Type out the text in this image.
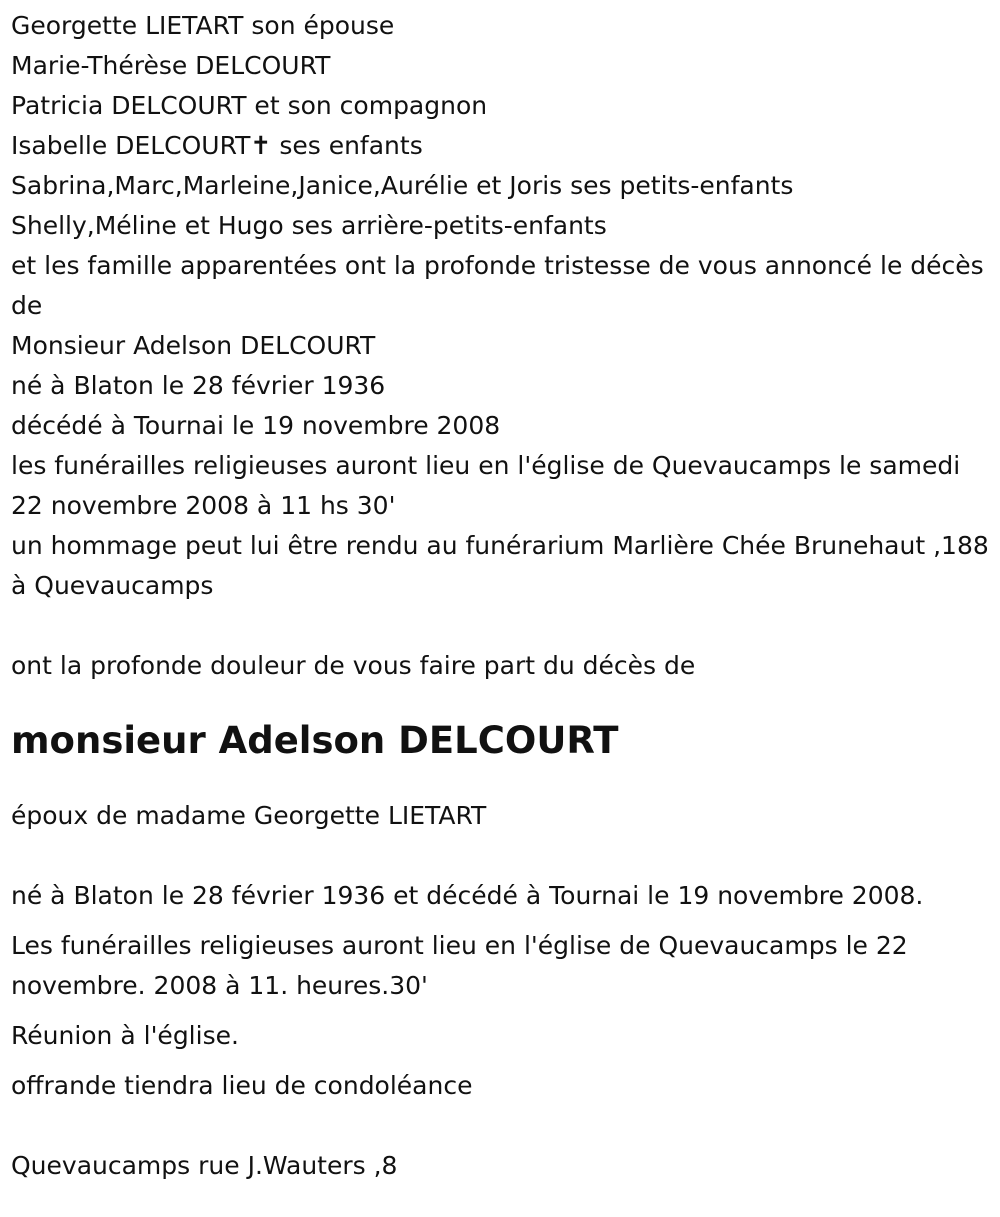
Georgette LIETART son épouse
Marie-Thérèse DELCOURT
Patricia DELCOURT et son compagnon
Isabelle DELCOURT✝ ses enfants
Sabrina,Marc,Marleine,Janice,Aurélie et Joris ses petits-enfants
Shelly,Méline et Hugo ses arrière-petits-enfants
et les famille apparentées ont la profonde tristesse de vous annoncé le décès de
Monsieur Adelson DELCOURT
né à Blaton le 28 février 1936
décédé à Tournai le 19 novembre 2008
les funérailles religieuses auront lieu en l'église de Quevaucamps le samedi 22 novembre 2008 à 11 hs 30'
un hommage peut lui être rendu au funérarium Marlière Chée Brunehaut ,188 à Quevaucamps
ont la profonde douleur de vous faire part du décès de
monsieur Adelson DELCOURT
époux de madame Georgette LIETART
né à Blaton le 28 février 1936 et décédé à Tournai le 19 novembre 2008.
Les funérailles religieuses auront lieu en l'église de Quevaucamps le 22 novembre. 2008 à 11. heures.30'
Réunion à l'église.
offrande tiendra lieu de condoléance
Quevaucamps rue J.Wauters ,8
